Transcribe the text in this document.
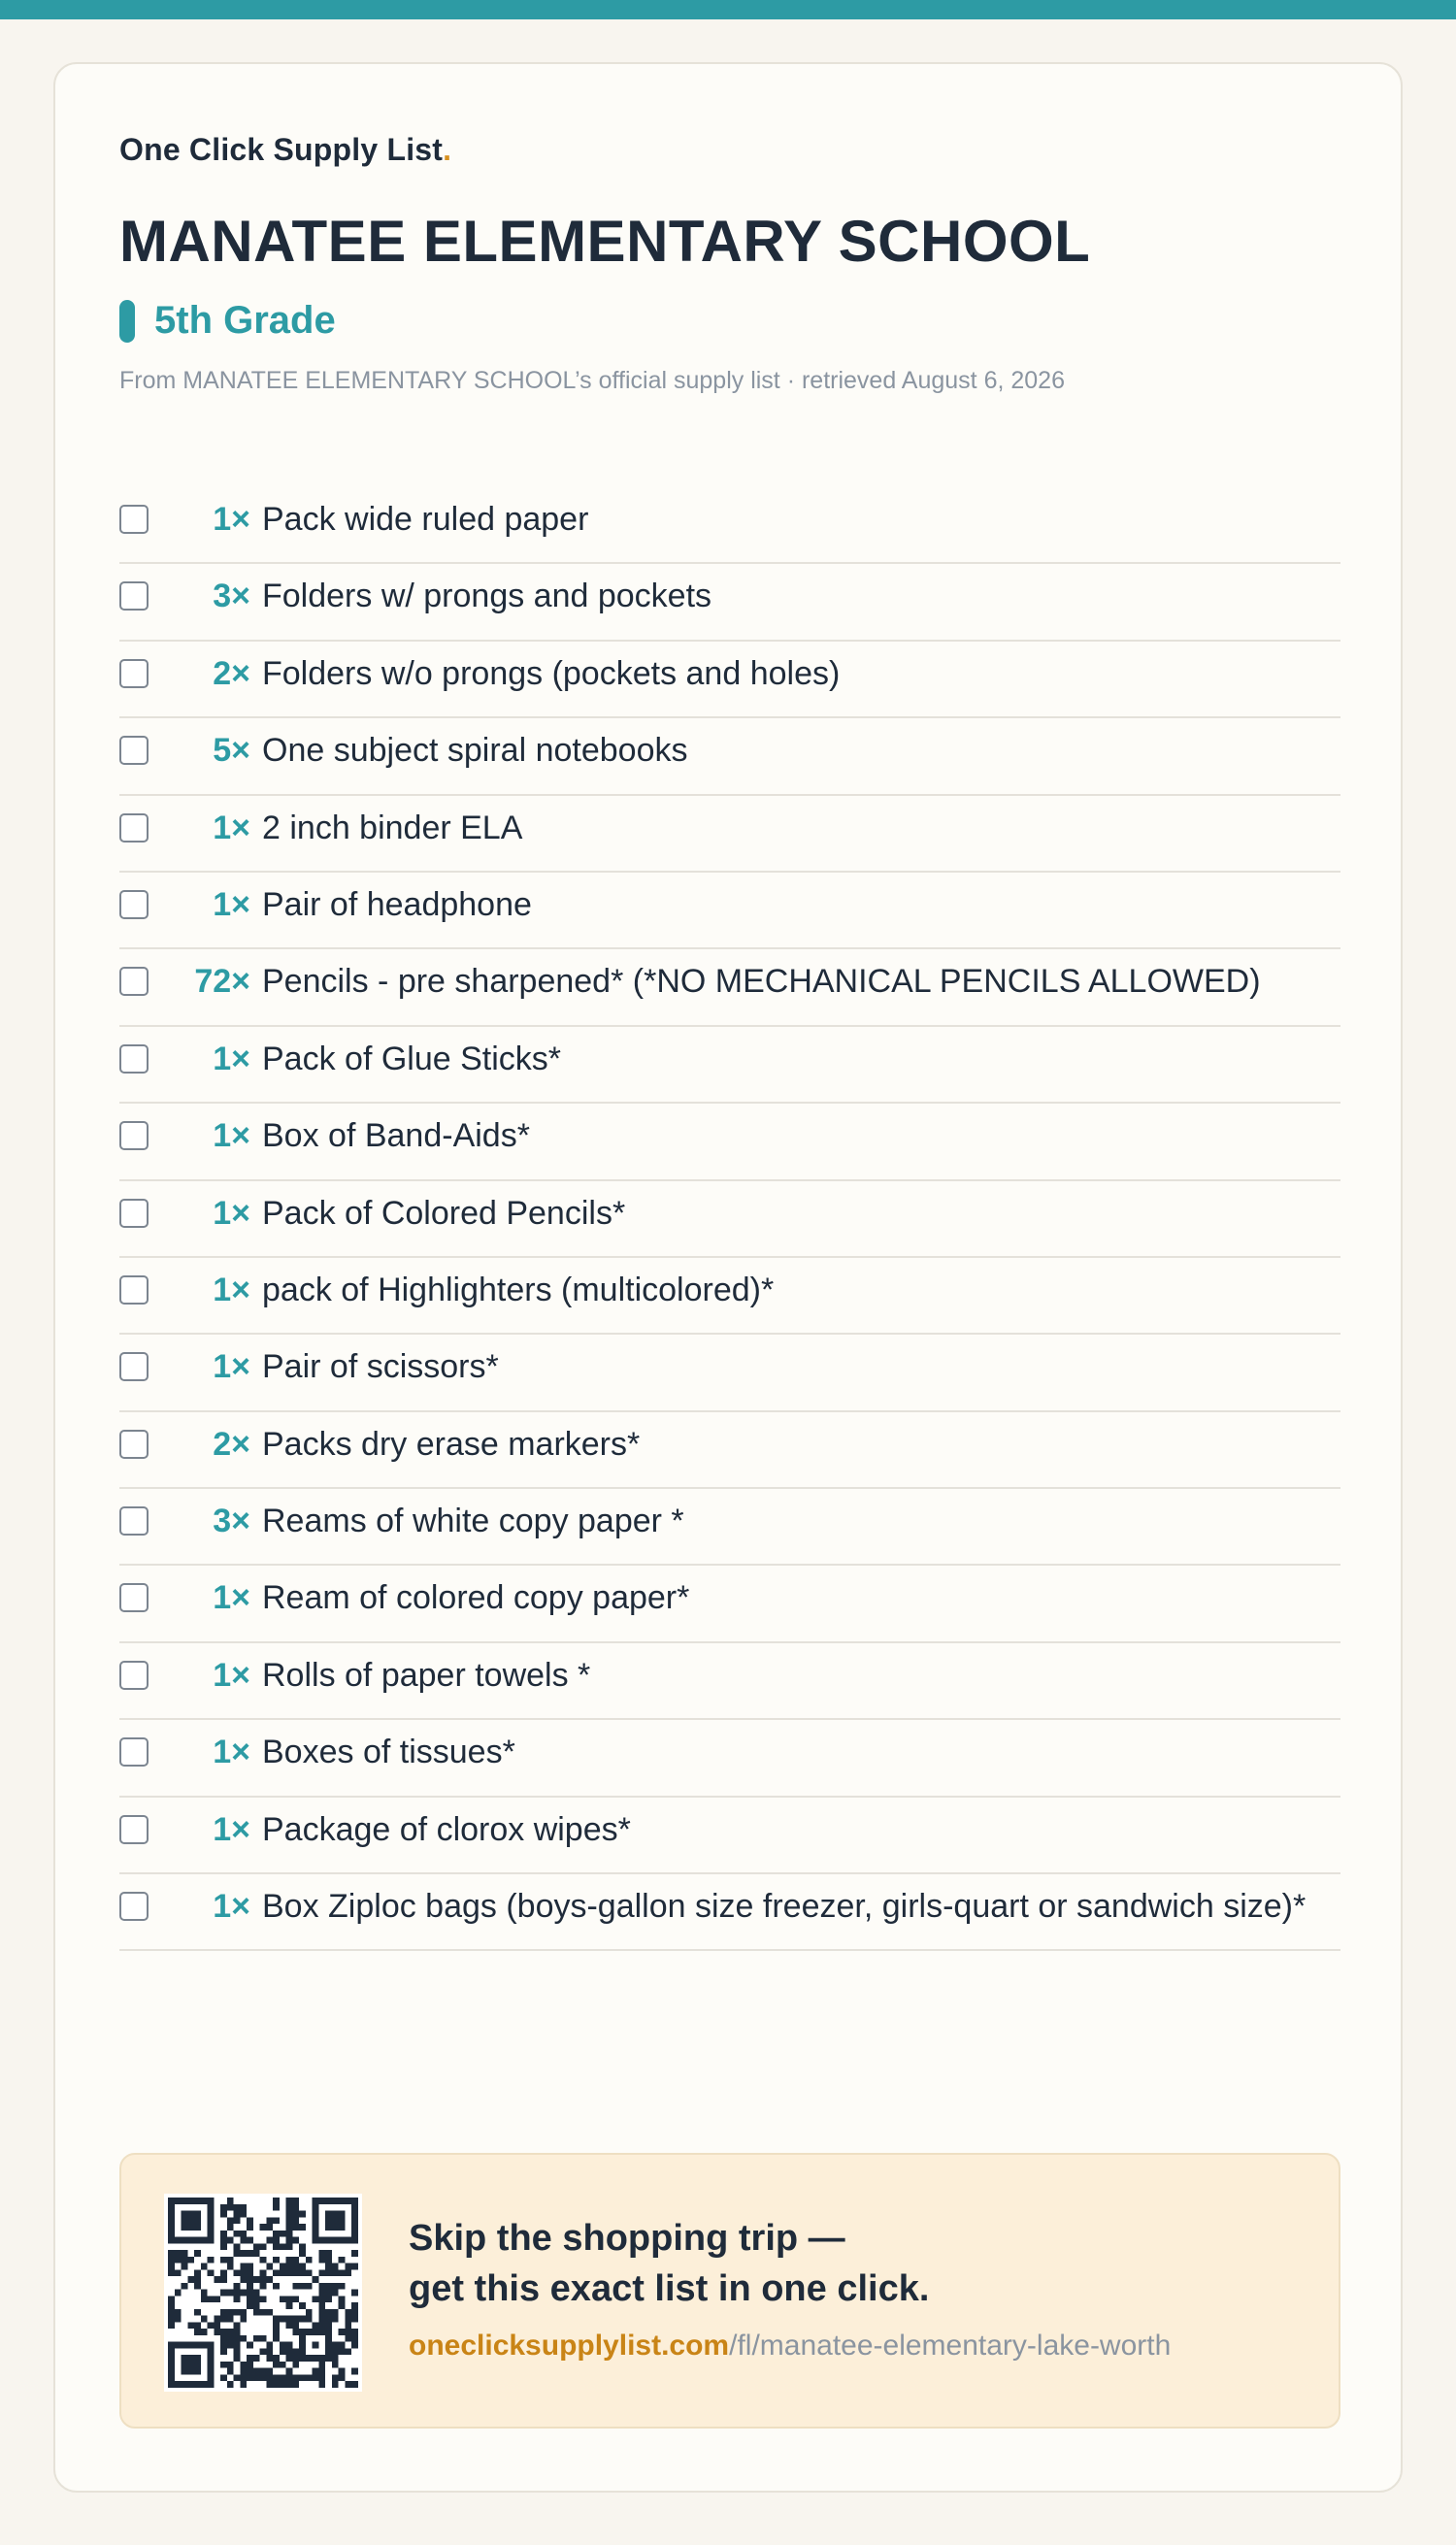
One Click Supply List.
MANATEE ELEMENTARY SCHOOL
5th Grade
From MANATEE ELEMENTARY SCHOOL’s official supply list · retrieved August 6, 2026
1× Pack wide ruled paper
3× Folders w/ prongs and pockets
2× Folders w/o prongs (pockets and holes)
5× One subject spiral notebooks
1× 2 inch binder ELA
1× Pair of headphone
72× Pencils - pre sharpened* (*NO MECHANICAL PENCILS ALLOWED)
1× Pack of Glue Sticks*
1× Box of Band-Aids*
1× Pack of Colored Pencils*
1× pack of Highlighters (multicolored)*
1× Pair of scissors*
2× Packs dry erase markers*
3× Reams of white copy paper *
1× Ream of colored copy paper*
1× Rolls of paper towels *
1× Boxes of tissues*
1× Package of clorox wipes*
1× Box Ziploc bags (boys-gallon size freezer, girls-quart or sandwich size)*
Skip the shopping trip —
get this exact list in one click.
oneclicksupplylist.com/fl/manatee-elementary-lake-worth
